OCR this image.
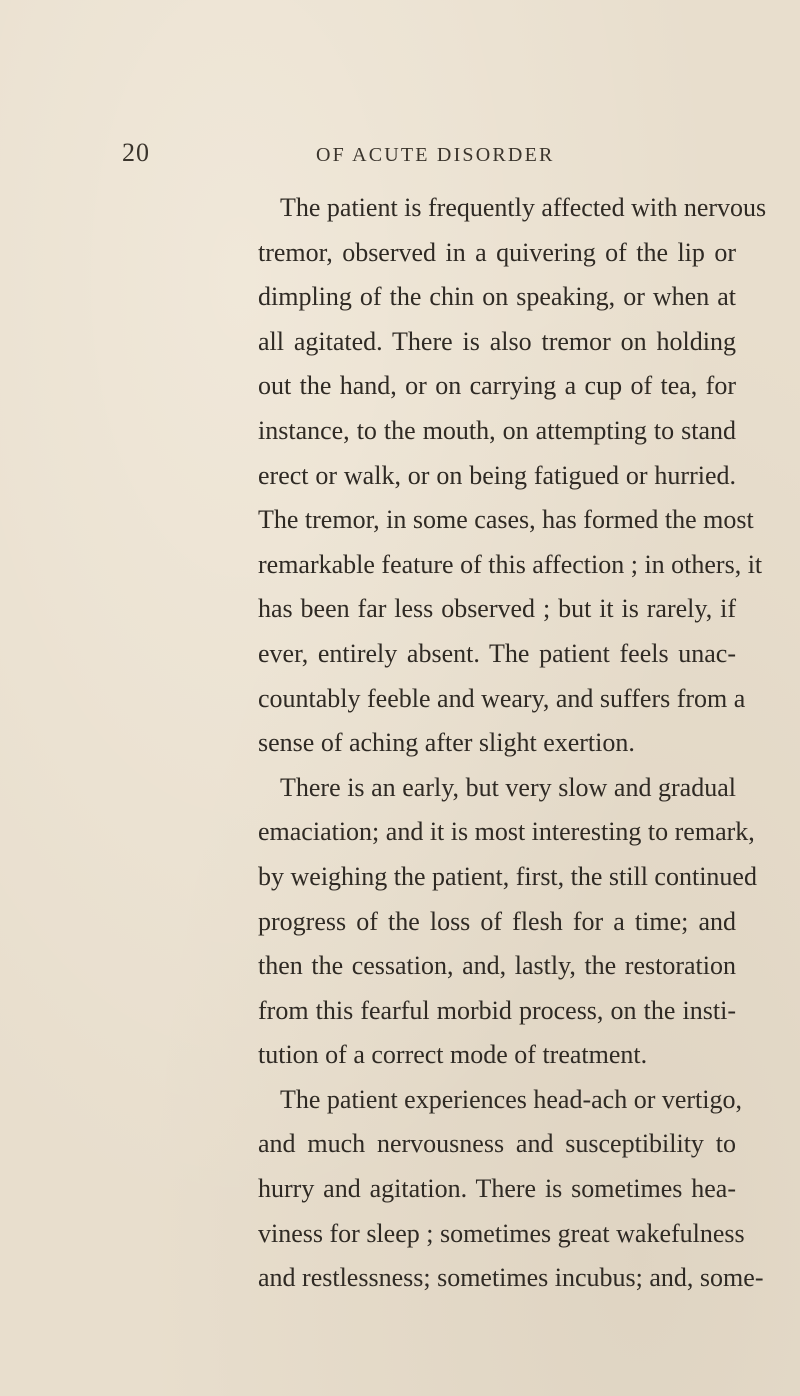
20	OF ACUTE DISORDER
The patient is frequently affected with nervous
tremor, observed in a quivering of the lip or
dimpling of the chin on speaking, or when at
all agitated. There is also tremor on holding
out the hand, or on carrying a cup of tea, for
instance, to the mouth, on attempting to stand
erect or walk, or on being fatigued or hurried.
The tremor, in some cases, has formed the most
remarkable feature of this affection ; in others, it
has been far less observed ; but it is rarely, if
ever, entirely absent. The patient feels unac-
countably feeble and weary, and suffers from a
sense of aching after slight exertion.
There is an early, but very slow and gradual
emaciation; and it is most interesting to remark,
by weighing the patient, first, the still continued
progress of the loss of flesh for a time; and
then the cessation, and, lastly, the restoration
from this fearful morbid process, on the insti-
tution of a correct mode of treatment.
The patient experiences head-ach or vertigo,
and much nervousness and susceptibility to
hurry and agitation. There is sometimes hea-
viness for sleep ; sometimes great wakefulness
and restlessness; sometimes incubus; and, some-
